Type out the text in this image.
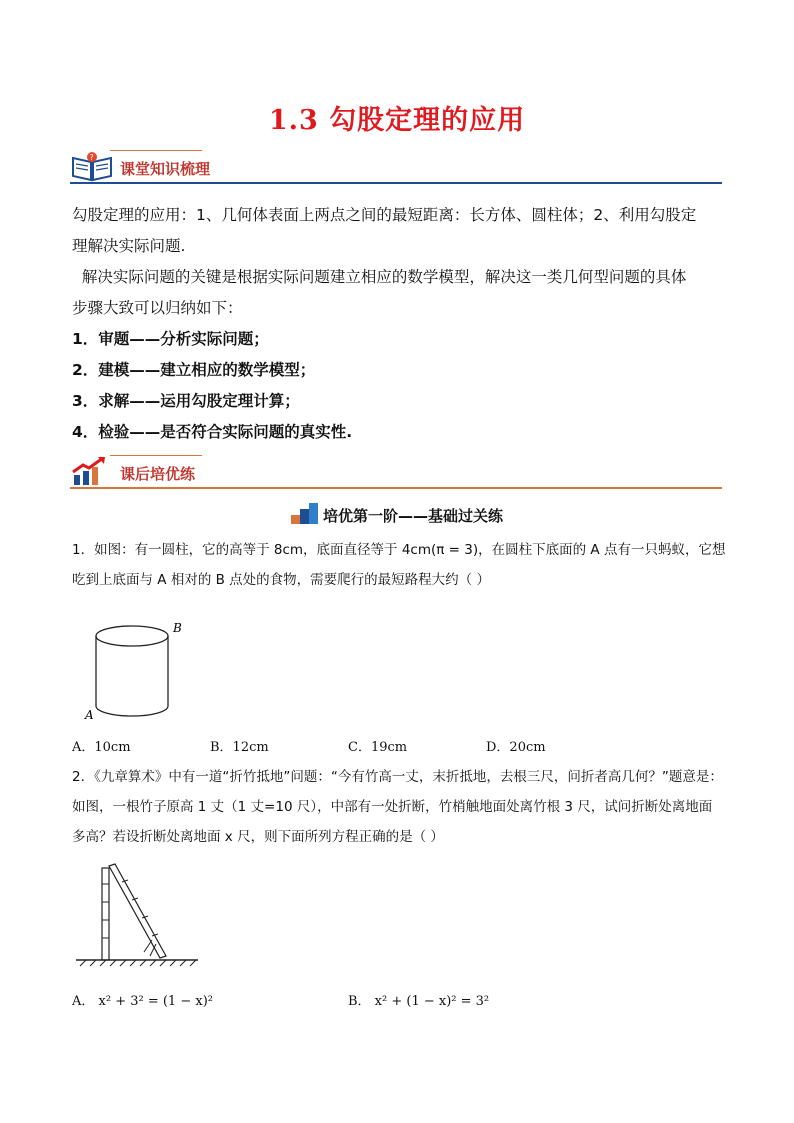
1.3 勾股定理的应用
?
课堂知识梳理
勾股定理的应用：1、几何体表面上两点之间的最短距离：长方体、圆柱体；2、利用勾股定
理解决实际问题.
解决实际问题的关键是根据实际问题建立相应的数学模型，解决这一类几何型问题的具体
步骤大致可以归纳如下：
1．审题——分析实际问题；
2．建模——建立相应的数学模型；
3．求解——运用勾股定理计算；
4．检验——是否符合实际问题的真实性.
课后培优练
培优第一阶——基础过关练
1．如图：有一圆柱，它的高等于 8cm，底面直径等于 4cm(π = 3)，在圆柱下底面的 A 点有一只蚂蚁，它想
吃到上底面与 A 相对的 B 点处的食物，需要爬行的最短路程大约（ ）
B
A
A．10cm	B．12cm	C．19cm	D．20cm
2．《九章算术》中有一道“折竹抵地”问题：“今有竹高一丈，末折抵地，去根三尺，问折者高几何？”题意是：
如图，一根竹子原高 1 丈（1 丈=10 尺），中部有一处折断，竹梢触地面处离竹根 3 尺，试问折断处离地面
多高？若设折断处离地面 x 尺，则下面所列方程正确的是（ ）
A． x² + 3² = (1 − x)²	B． x² + (1 − x)² = 3²
